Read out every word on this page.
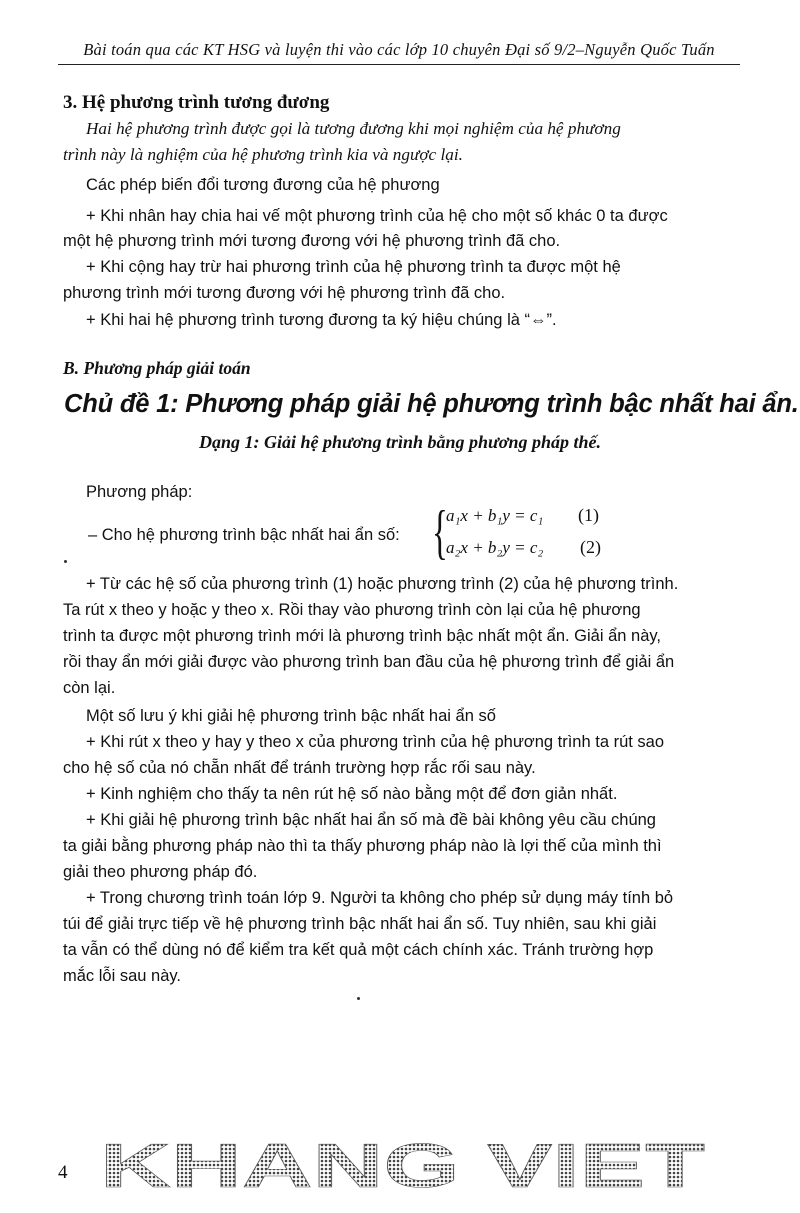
Bài toán qua các KT HSG và luyện thi vào các lớp 10 chuyên Đại số 9/2–Nguyễn Quốc Tuấn
3. Hệ phương trình tương đương
Hai hệ phương trình được gọi là tương đương khi mọi nghiệm của hệ phương
trình này là nghiệm của hệ phương trình kia và ngược lại.
Các phép biến đổi tương đương của hệ phương
+ Khi nhân hay chia hai vế một phương trình của hệ cho một số khác 0 ta được
một hệ phương trình mới tương đương với hệ phương trình đã cho.
+ Khi cộng hay trừ hai phương trình của hệ phương trình ta được một hệ
phương trình mới tương đương với hệ phương trình đã cho.
+ Khi hai hệ phương trình tương đương ta ký hiệu chúng là “⇔”.
B. Phương pháp giải toán
Chủ đề 1: Phương pháp giải hệ phương trình bậc nhất hai ẩn.
Dạng 1: Giải hệ phương trình bằng phương pháp thế.
Phương pháp:
– Cho hệ phương trình bậc nhất hai ẩn số: {
a₁x + b₁y = c₁ (1)
a₂x + b₂y = c₂ (2)
+ Từ các hệ số của phương trình (1) hoặc phương trình (2) của hệ phương trình.
Ta rút x theo y hoặc y theo x. Rồi thay vào phương trình còn lại của hệ phương
trình ta được một phương trình mới là phương trình bậc nhất một ẩn. Giải ẩn này,
rồi thay ẩn mới giải được vào phương trình ban đầu của hệ phương trình để giải ẩn
còn lại.
Một số lưu ý khi giải hệ phương trình bậc nhất hai ẩn số
+ Khi rút x theo y hay y theo x của phương trình của hệ phương trình ta rút sao
cho hệ số của nó chẵn nhất để tránh trường hợp rắc rối sau này.
+ Kinh nghiệm cho thấy ta nên rút hệ số nào bằng một để đơn giản nhất.
+ Khi giải hệ phương trình bậc nhất hai ẩn số mà đề bài không yêu cầu chúng
ta giải bằng phương pháp nào thì ta thấy phương pháp nào là lợi thế của mình thì
giải theo phương pháp đó.
+ Trong chương trình toán lớp 9. Người ta không cho phép sử dụng máy tính bỏ
túi để giải trực tiếp về hệ phương trình bậc nhất hai ẩn số. Tuy nhiên, sau khi giải
ta vẫn có thể dùng nó để kiểm tra kết quả một cách chính xác. Tránh trường hợp
mắc lỗi sau này.
4 KHANG VIET
